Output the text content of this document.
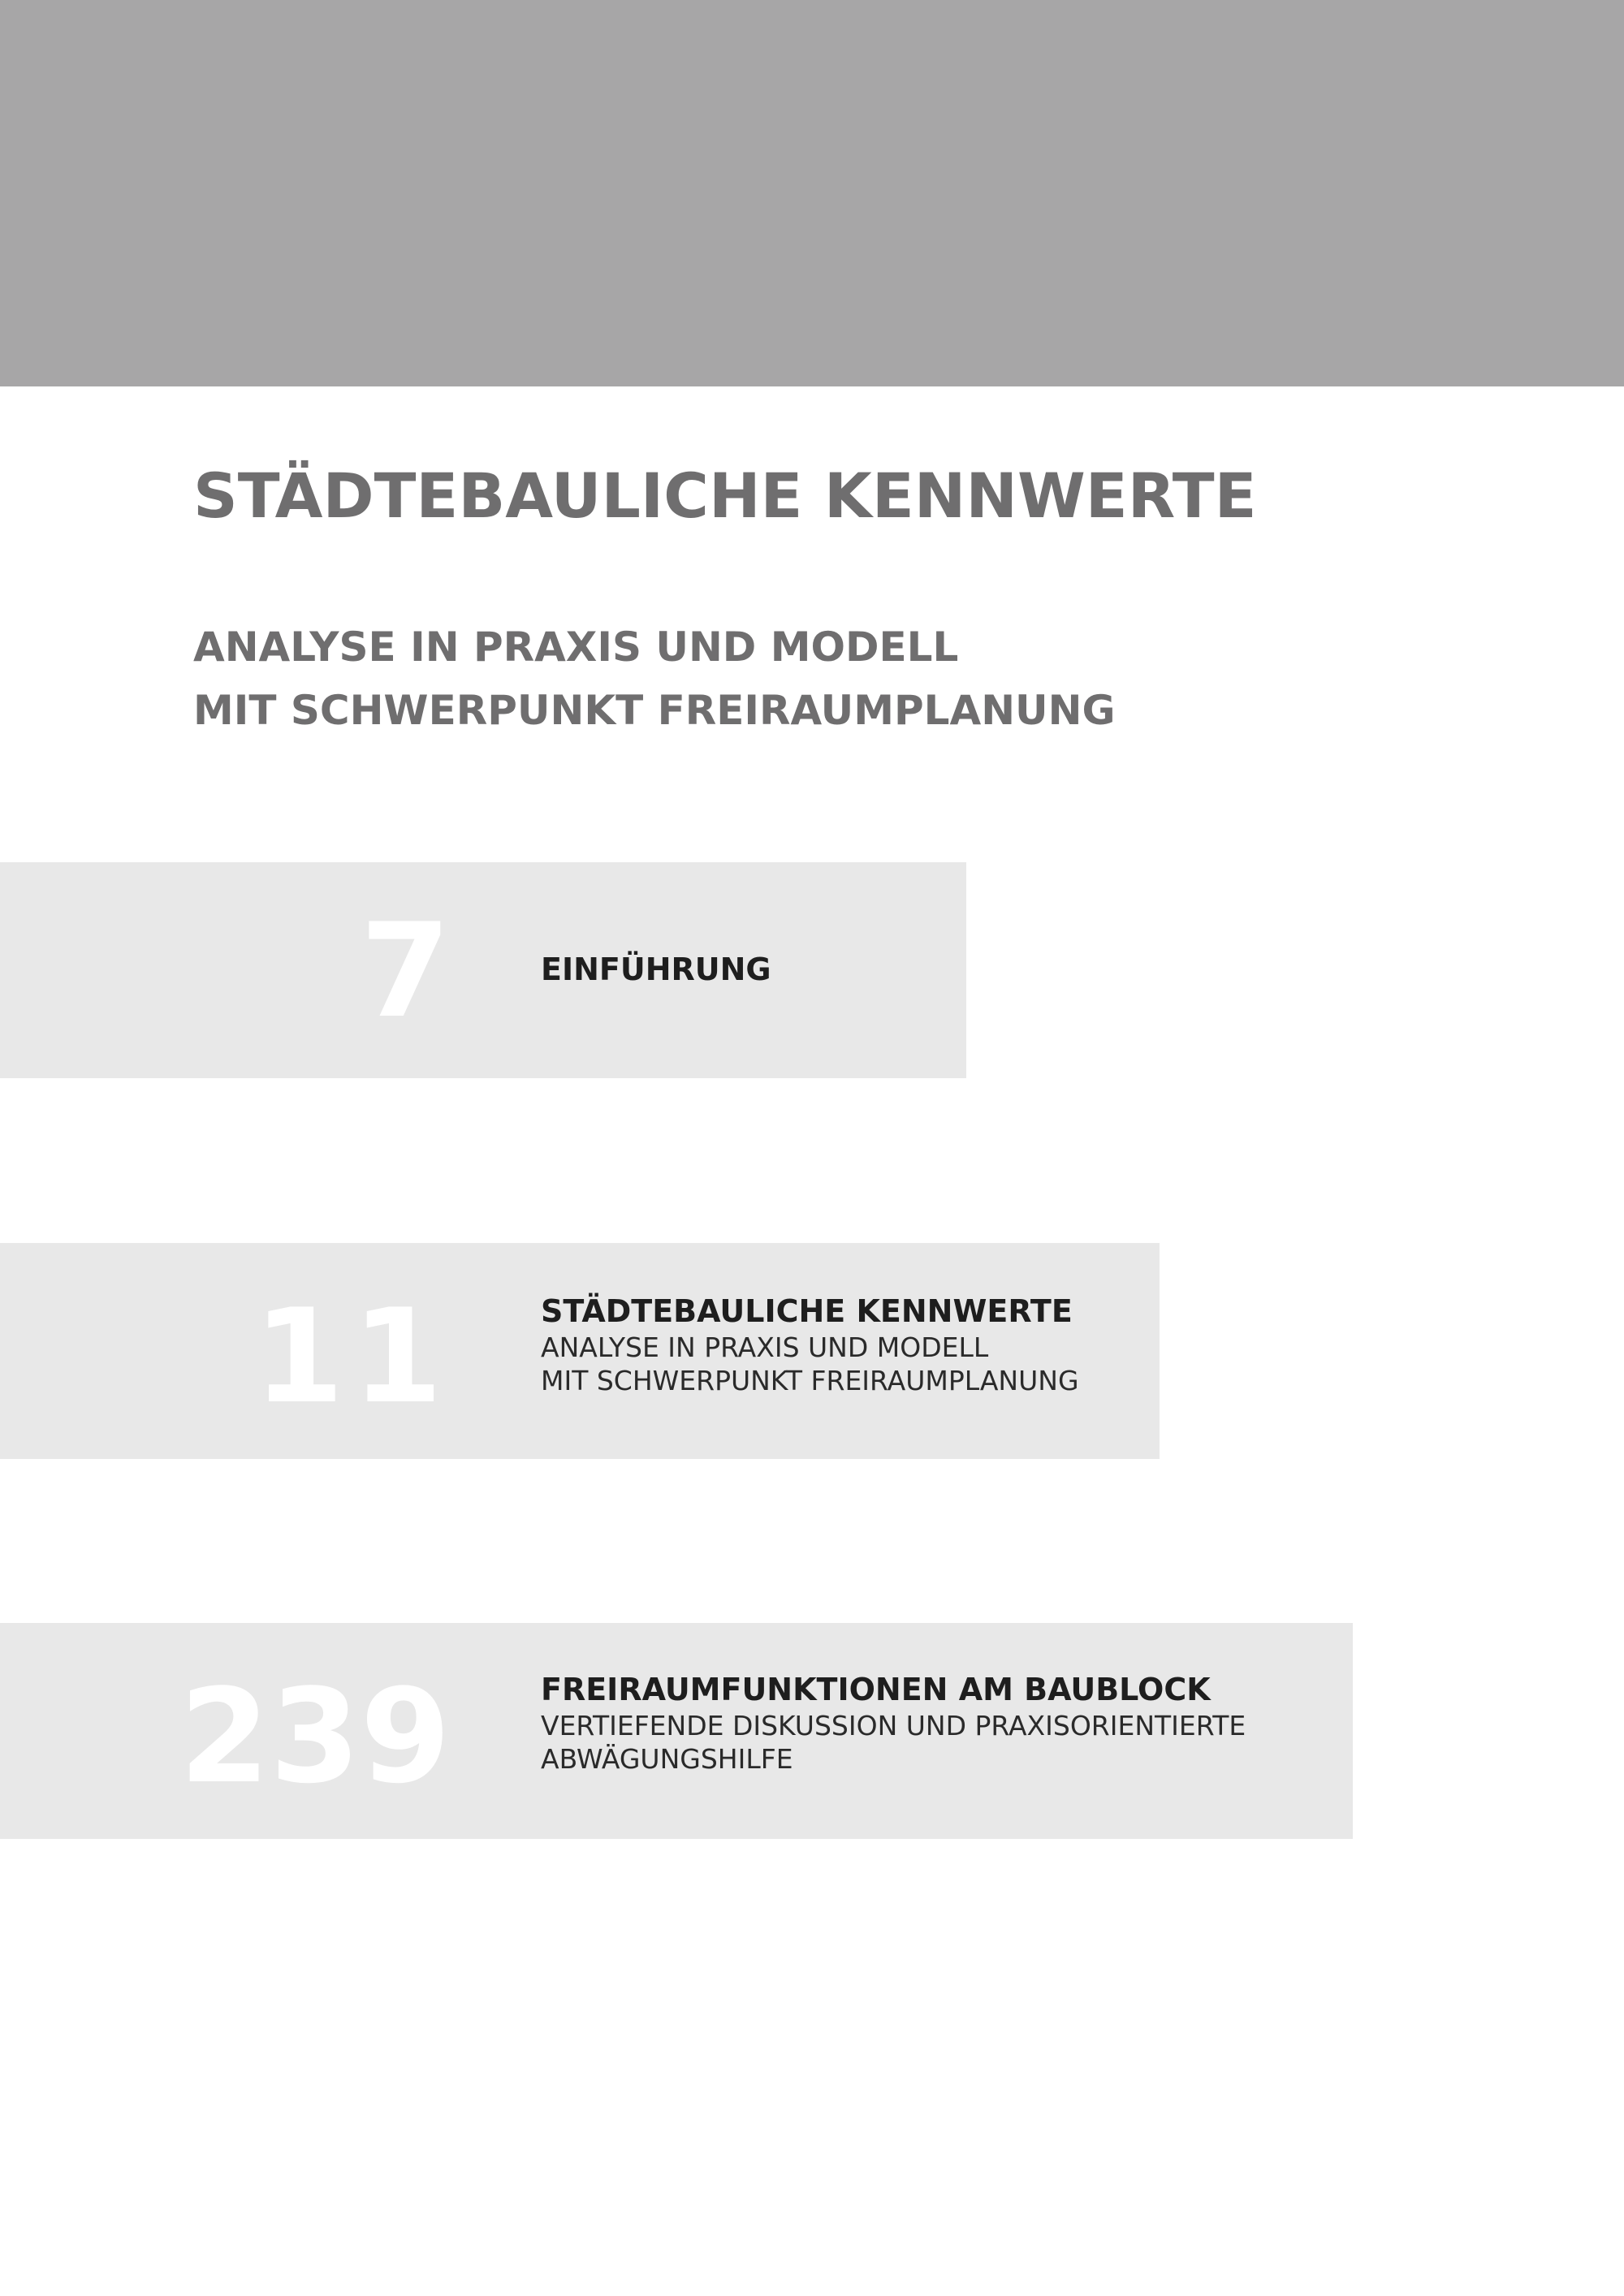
STÄDTEBAULICHE KENNWERTE
ANALYSE IN PRAXIS UND MODELL
MIT SCHWERPUNKT FREIRAUMPLANUNG
7	EINFÜHRUNG
11	STÄDTEBAULICHE KENNWERTE
ANALYSE IN PRAXIS UND MODELL
MIT SCHWERPUNKT FREIRAUMPLANUNG
239	FREIRAUMFUNKTIONEN AM BAUBLOCK
VERTIEFENDE DISKUSSION UND PRAXISORIENTIERTE
ABWÄGUNGSHILFE
